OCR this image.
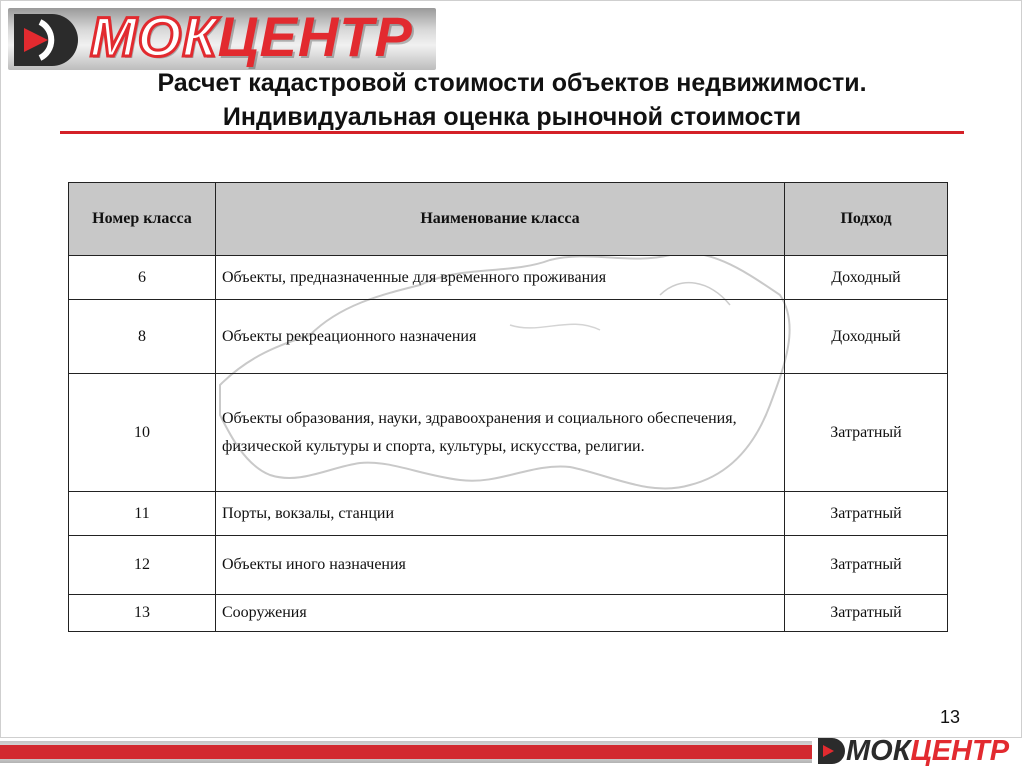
МОКЦЕНТР
Расчет кадастровой стоимости объектов недвижимости.
Индивидуальная оценка рыночной стоимости
Номер класса	Наименование класса	Подход
6	Объекты, предназначенные для временного проживания	Доходный
8	Объекты рекреационного назначения	Доходный
10	Объекты образования, науки, здравоохранения и социального обеспечения, физической культуры и спорта, культуры, искусства, религии.	Затратный
11	Порты, вокзалы, станции	Затратный
12	Объекты иного назначения	Затратный
13	Сооружения	Затратный
13
МОКЦЕНТР
